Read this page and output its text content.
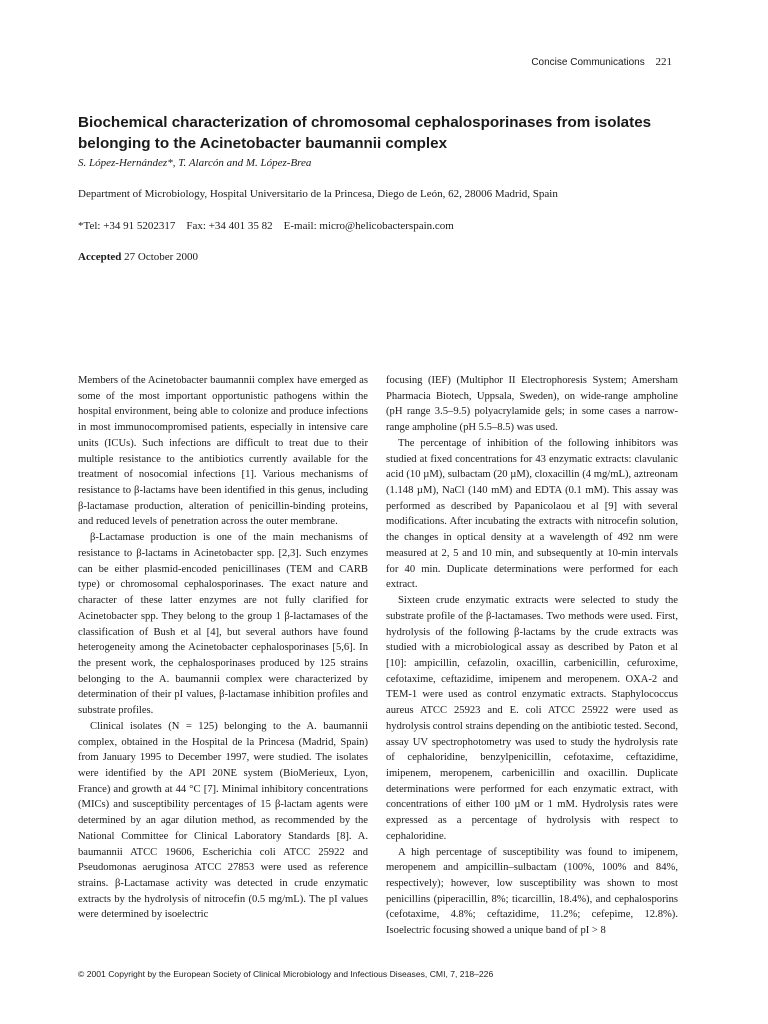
Concise Communications 221
Biochemical characterization of chromosomal cephalosporinases from isolates belonging to the Acinetobacter baumannii complex
S. López-Hernández*, T. Alarcón and M. López-Brea
Department of Microbiology, Hospital Universitario de la Princesa, Diego de León, 62, 28006 Madrid, Spain
*Tel: +34 91 5202317    Fax: +34 401 35 82    E-mail: micro@helicobacterspain.com
Accepted 27 October 2000

Members of the Acinetobacter baumannii complex have emerged as some of the most important opportunistic pathogens within the hospital environment, being able to colonize and produce infections in most immunocompromised patients, especially in intensive care units (ICUs). Such infections are difficult to treat due to their multiple resistance to the antibiotics currently available for the treatment of nosocomial infections [1]. Various mechanisms of resistance to β-lactams have been identified in this genus, including β-lactamase production, alteration of penicillin-binding proteins, and reduced levels of penetration across the outer membrane.

β-Lactamase production is one of the main mechanisms of resistance to β-lactams in Acinetobacter spp. [2,3]. Such enzymes can be either plasmid-encoded penicillinases (TEM and CARB type) or chromosomal cephalosporinases. The exact nature and character of these latter enzymes are not fully clarified for Acinetobacter spp. They belong to the group 1 β-lactamases of the classification of Bush et al [4], but several authors have found heterogeneity among the Acinetobacter cephalosporinases [5,6]. In the present work, the cephalosporinases produced by 125 strains belonging to the A. baumannii complex were characterized by determination of their pI values, β-lactamase inhibition profiles and substrate profiles.

Clinical isolates (N = 125) belonging to the A. baumannii complex, obtained in the Hospital de la Princesa (Madrid, Spain) from January 1995 to December 1997, were studied. The isolates were identified by the API 20NE system (BioMerieux, Lyon, France) and growth at 44 °C [7]. Minimal inhibitory concentrations (MICs) and susceptibility percentages of 15 β-lactam agents were determined by an agar dilution method, as recommended by the National Committee for Clinical Laboratory Standards [8]. A. baumannii ATCC 19606, Escherichia coli ATCC 25922 and Pseudomonas aeruginosa ATCC 27853 were used as reference strains. β-Lactamase activity was detected in crude enzymatic extracts by the hydrolysis of nitrocefin (0.5 mg/mL). The pI values were determined by isoelectric

focusing (IEF) (Multiphor II Electrophoresis System; Amersham Pharmacia Biotech, Uppsala, Sweden), on wide-range ampholine (pH range 3.5–9.5) polyacrylamide gels; in some cases a narrow-range ampholine (pH 5.5–8.5) was used.

The percentage of inhibition of the following inhibitors was studied at fixed concentrations for 43 enzymatic extracts: clavulanic acid (10 µM), sulbactam (20 µM), cloxacillin (4 mg/mL), aztreonam (1.148 µM), NaCl (140 mM) and EDTA (0.1 mM). This assay was performed as described by Papanicolaou et al [9] with several modifications. After incubating the extracts with nitrocefin solution, the changes in optical density at a wavelength of 492 nm were measured at 2, 5 and 10 min, and subsequently at 10-min intervals for 40 min. Duplicate determinations were performed for each extract.

Sixteen crude enzymatic extracts were selected to study the substrate profile of the β-lactamases. Two methods were used. First, hydrolysis of the following β-lactams by the crude extracts was studied with a microbiological assay as described by Paton et al [10]: ampicillin, cefazolin, oxacillin, carbenicillin, cefuroxime, cefotaxime, ceftazidime, imipenem and meropenem. OXA-2 and TEM-1 were used as control enzymatic extracts. Staphylococcus aureus ATCC 25923 and E. coli ATCC 25922 were used as hydrolysis control strains depending on the antibiotic tested. Second, assay UV spectrophotometry was used to study the hydrolysis rate of cephaloridine, benzylpenicillin, cefotaxime, ceftazidime, imipenem, meropenem, carbenicillin and oxacillin. Duplicate determinations were performed for each enzymatic extract, with concentrations of either 100 µM or 1 mM. Hydrolysis rates were expressed as a percentage of hydrolysis with respect to cephaloridine.

A high percentage of susceptibility was found to imipenem, meropenem and ampicillin–sulbactam (100%, 100% and 84%, respectively); however, low susceptibility was shown to most penicillins (piperacillin, 8%; ticarcillin, 18.4%), and cephalosporins (cefotaxime, 4.8%; ceftazidime, 11.2%; cefepime, 12.8%). Isoelectric focusing showed a unique band of pI > 8

© 2001 Copyright by the European Society of Clinical Microbiology and Infectious Diseases, CMI, 7, 218–226
